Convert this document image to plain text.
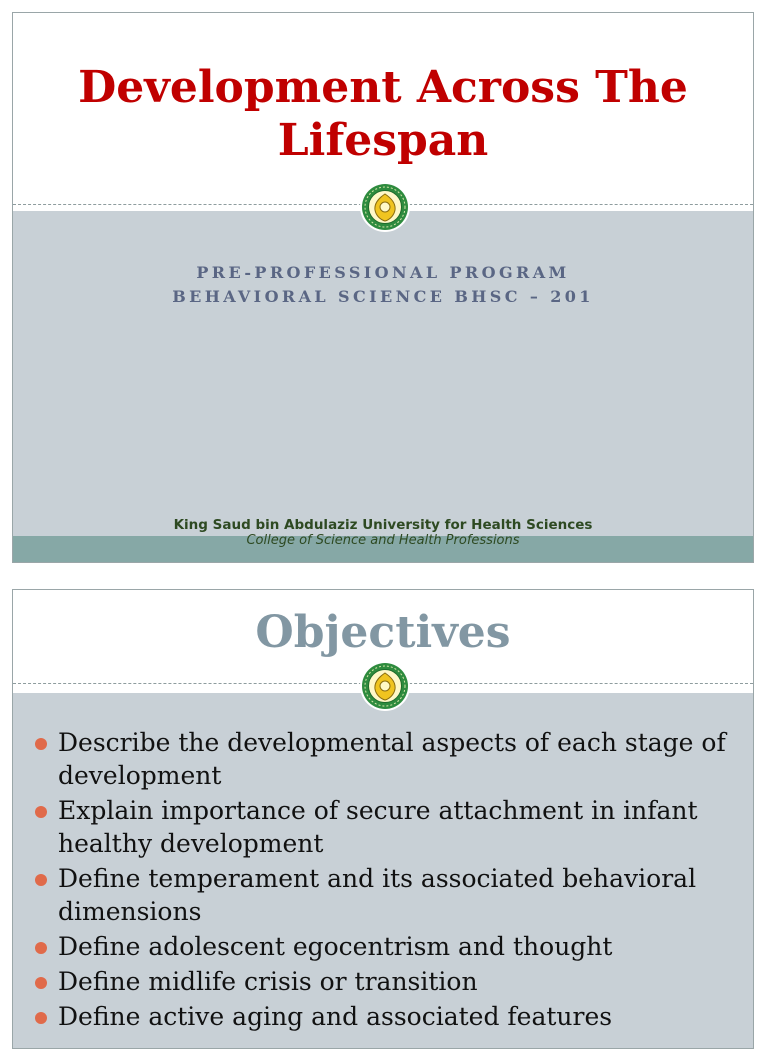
Development Across The Lifespan
PRE-PROFESSIONAL PROGRAM
BEHAVIORAL SCIENCE BHSC – 201
King Saud bin Abdulaziz University for Health Sciences
College of Science and Health Professions
Objectives
Describe the developmental aspects of each stage of development
Explain importance of secure attachment in infant healthy development
Define temperament and its associated behavioral dimensions
Define adolescent egocentrism and thought
Define midlife crisis or transition
Define active aging and associated features
